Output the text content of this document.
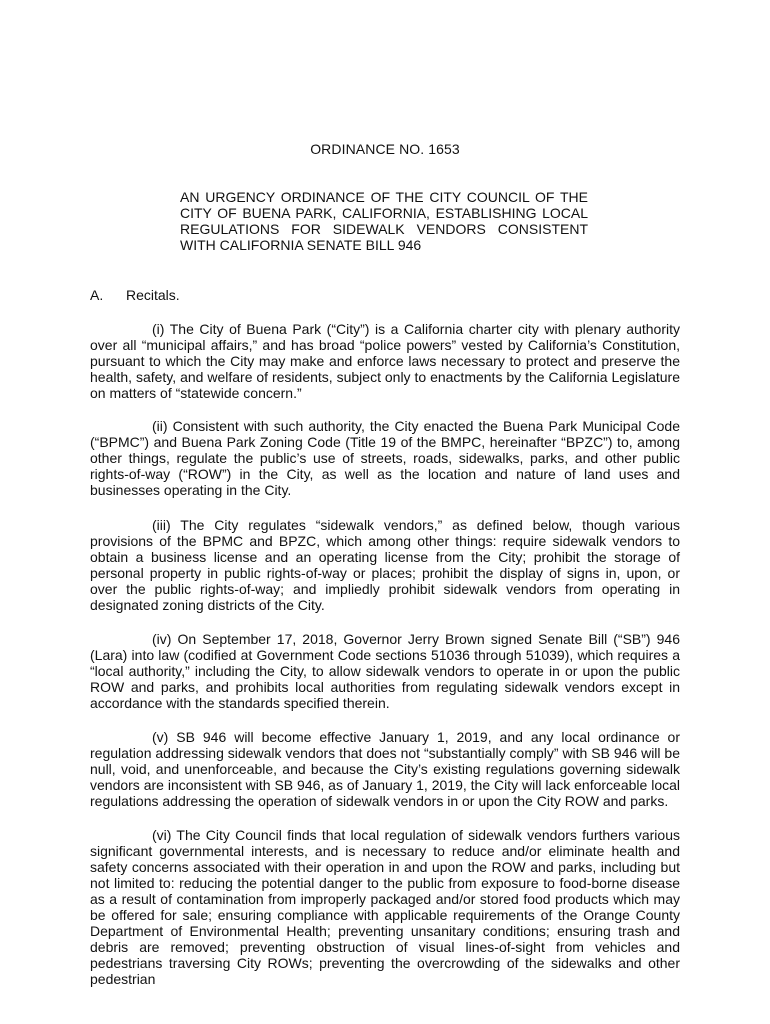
ORDINANCE NO. 1653
AN URGENCY ORDINANCE OF THE CITY COUNCIL OF THE
CITY OF BUENA PARK, CALIFORNIA, ESTABLISHING LOCAL
REGULATIONS FOR SIDEWALK VENDORS CONSISTENT
WITH CALIFORNIA SENATE BILL 946
A. Recitals.
(i) The City of Buena Park (“City”) is a California charter city with plenary authority over all “municipal affairs,” and has broad “police powers” vested by California’s Constitution, pursuant to which the City may make and enforce laws necessary to protect and preserve the health, safety, and welfare of residents, subject only to enactments by the California Legislature on matters of “statewide concern.”
(ii) Consistent with such authority, the City enacted the Buena Park Municipal Code (“BPMC”) and Buena Park Zoning Code (Title 19 of the BMPC, hereinafter “BPZC”) to, among other things, regulate the public’s use of streets, roads, sidewalks, parks, and other public rights-of-way (“ROW”) in the City, as well as the location and nature of land uses and businesses operating in the City.
(iii) The City regulates “sidewalk vendors,” as defined below, though various provisions of the BPMC and BPZC, which among other things: require sidewalk vendors to obtain a business license and an operating license from the City; prohibit the storage of personal property in public rights-of-way or places; prohibit the display of signs in, upon, or over the public rights-of-way; and impliedly prohibit sidewalk vendors from operating in designated zoning districts of the City.
(iv) On September 17, 2018, Governor Jerry Brown signed Senate Bill (“SB”) 946 (Lara) into law (codified at Government Code sections 51036 through 51039), which requires a “local authority,” including the City, to allow sidewalk vendors to operate in or upon the public ROW and parks, and prohibits local authorities from regulating sidewalk vendors except in accordance with the standards specified therein.
(v) SB 946 will become effective January 1, 2019, and any local ordinance or regulation addressing sidewalk vendors that does not “substantially comply” with SB 946 will be null, void, and unenforceable, and because the City’s existing regulations governing sidewalk vendors are inconsistent with SB 946, as of January 1, 2019, the City will lack enforceable local regulations addressing the operation of sidewalk vendors in or upon the City ROW and parks.
(vi) The City Council finds that local regulation of sidewalk vendors furthers various significant governmental interests, and is necessary to reduce and/or eliminate health and safety concerns associated with their operation in and upon the ROW and parks, including but not limited to: reducing the potential danger to the public from exposure to food-borne disease as a result of contamination from improperly packaged and/or stored food products which may be offered for sale; ensuring compliance with applicable requirements of the Orange County Department of Environmental Health; preventing unsanitary conditions; ensuring trash and debris are removed; preventing obstruction of visual lines-of-sight from vehicles and pedestrians traversing City ROWs; preventing the overcrowding of the sidewalks and other pedestrian
